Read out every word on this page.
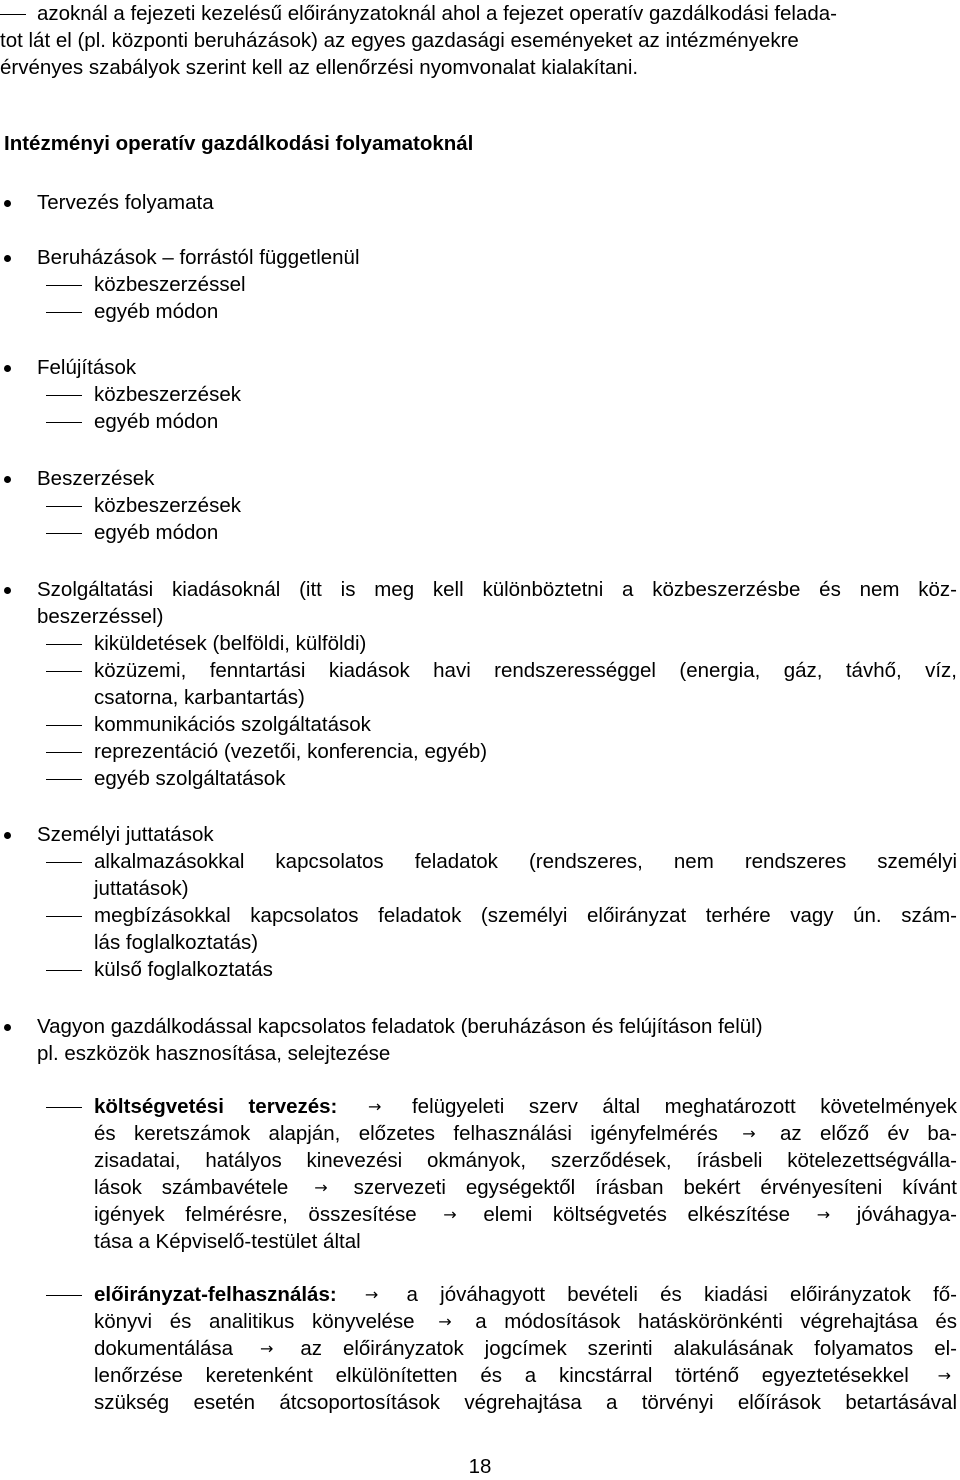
azoknál a fejezeti kezelésű előirányzatoknál ahol a fejezet operatív gazdálkodási felada-
tot lát el (pl. központi beruházások) az egyes gazdasági eseményeket az intézményekre
érvényes szabályok szerint kell az ellenőrzési nyomvonalat kialakítani.
Intézményi operatív gazdálkodási folyamatoknál
Tervezés folyamata
Beruházások – forrástól függetlenül
közbeszerzéssel
egyéb módon
Felújítások
közbeszerzések
egyéb módon
Beszerzések
közbeszerzések
egyéb módon
Szolgáltatási kiadásoknál (itt is meg kell különböztetni a közbeszerzésbe és nem köz-
beszerzéssel)
kiküldetések (belföldi, külföldi)
közüzemi, fenntartási kiadások havi rendszerességgel (energia, gáz, távhő, víz,
csatorna, karbantartás)
kommunikációs szolgáltatások
reprezentáció (vezetői, konferencia, egyéb)
egyéb szolgáltatások
Személyi juttatások
alkalmazásokkal kapcsolatos feladatok (rendszeres, nem rendszeres személyi
juttatások)
megbízásokkal kapcsolatos feladatok (személyi előirányzat terhére vagy ún. szám-
lás foglalkoztatás)
külső foglalkoztatás
Vagyon gazdálkodással kapcsolatos feladatok (beruházáson és felújításon felül)
pl. eszközök hasznosítása, selejtezése
költségvetési tervezés: → felügyeleti szerv által meghatározott követelmények
és keretszámok alapján, előzetes felhasználási igényfelmérés → az előző év ba-
zisadatai, hatályos kinevezési okmányok, szerződések, írásbeli kötelezettségválla-
lások számbavétele → szervezeti egységektől írásban bekért érvényesíteni kívánt
igények felmérésre, összesítése → elemi költségvetés elkészítése → jóváhagya-
tása a Képviselő-testület által
előirányzat-felhasználás: → a jóváhagyott bevételi és kiadási előirányzatok fő-
könyvi és analitikus könyvelése → a módosítások hatáskörönkénti végrehajtása és
dokumentálása → az előirányzatok jogcímek szerinti alakulásának folyamatos el-
lenőrzése keretenként elkülönítetten és a kincstárral történő egyeztetésekkel →
szükség esetén átcsoportosítások végrehajtása a törvényi előírások betartásával
18
